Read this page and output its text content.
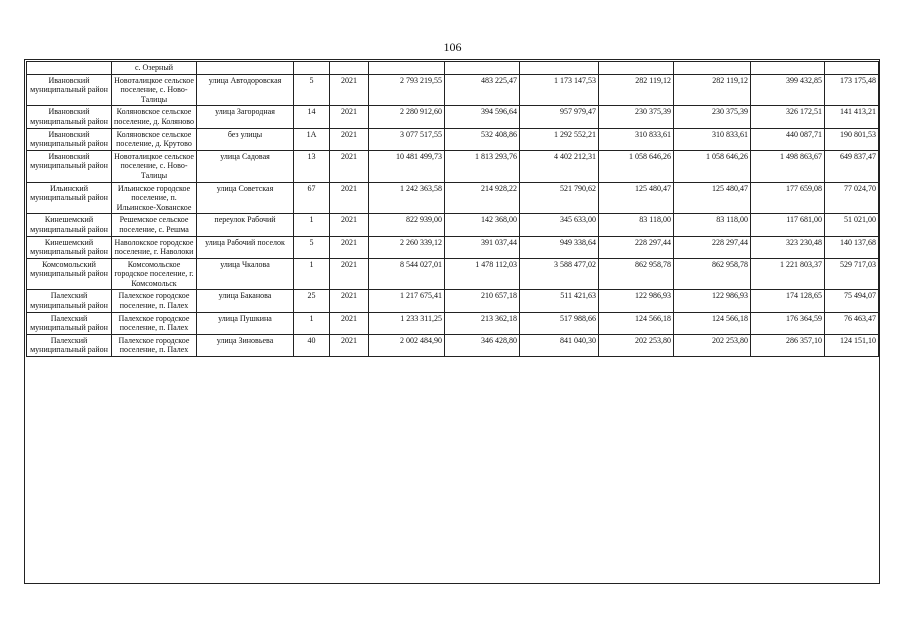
106
	с. Озерный										
Ивановский муниципальный район	Новоталицкое сельское поселение, с. Ново-Талицы	улица Автодоровская	5	2021	2 793 219,55	483 225,47	1 173 147,53	282 119,12	282 119,12	399 432,85	173 175,48
Ивановский муниципальный район	Коляновское сельское поселение, д. Коляново	улица Загородная	14	2021	2 280 912,60	394 596,64	957 979,47	230 375,39	230 375,39	326 172,51	141 413,21
Ивановский муниципальный район	Коляновское сельское поселение, д. Крутово	без улицы	1А	2021	3 077 517,55	532 408,86	1 292 552,21	310 833,61	310 833,61	440 087,71	190 801,53
Ивановский муниципальный район	Новоталицкое сельское поселение, с. Ново-Талицы	улица Садовая	13	2021	10 481 499,73	1 813 293,76	4 402 212,31	1 058 646,26	1 058 646,26	1 498 863,67	649 837,47
Ильинский муниципальный район	Ильинское городское поселение, п. Ильинское-Хованское	улица Советская	67	2021	1 242 363,58	214 928,22	521 790,62	125 480,47	125 480,47	177 659,08	77 024,70
Кинешемский муниципальный район	Решемское сельское поселение, с. Решма	переулок Рабочий	1	2021	822 939,00	142 368,00	345 633,00	83 118,00	83 118,00	117 681,00	51 021,00
Кинешемский муниципальный район	Наволокское городское поселение, г. Наволоки	улица Рабочий поселок	5	2021	2 260 339,12	391 037,44	949 338,64	228 297,44	228 297,44	323 230,48	140 137,68
Комсомольский муниципальный район	Комсомольское городское поселение, г. Комсомольск	улица Чкалова	1	2021	8 544 027,01	1 478 112,03	3 588 477,02	862 958,78	862 958,78	1 221 803,37	529 717,03
Палехский муниципальный район	Палехское городское поселение, п. Палех	улица Баканова	25	2021	1 217 675,41	210 657,18	511 421,63	122 986,93	122 986,93	174 128,65	75 494,07
Палехский муниципальный район	Палехское городское поселение, п. Палех	улица Пушкина	1	2021	1 233 311,25	213 362,18	517 988,66	124 566,18	124 566,18	176 364,59	76 463,47
Палехский муниципальный район	Палехское городское поселение, п. Палех	улица Зиновьева	40	2021	2 002 484,90	346 428,80	841 040,30	202 253,80	202 253,80	286 357,10	124 151,10
